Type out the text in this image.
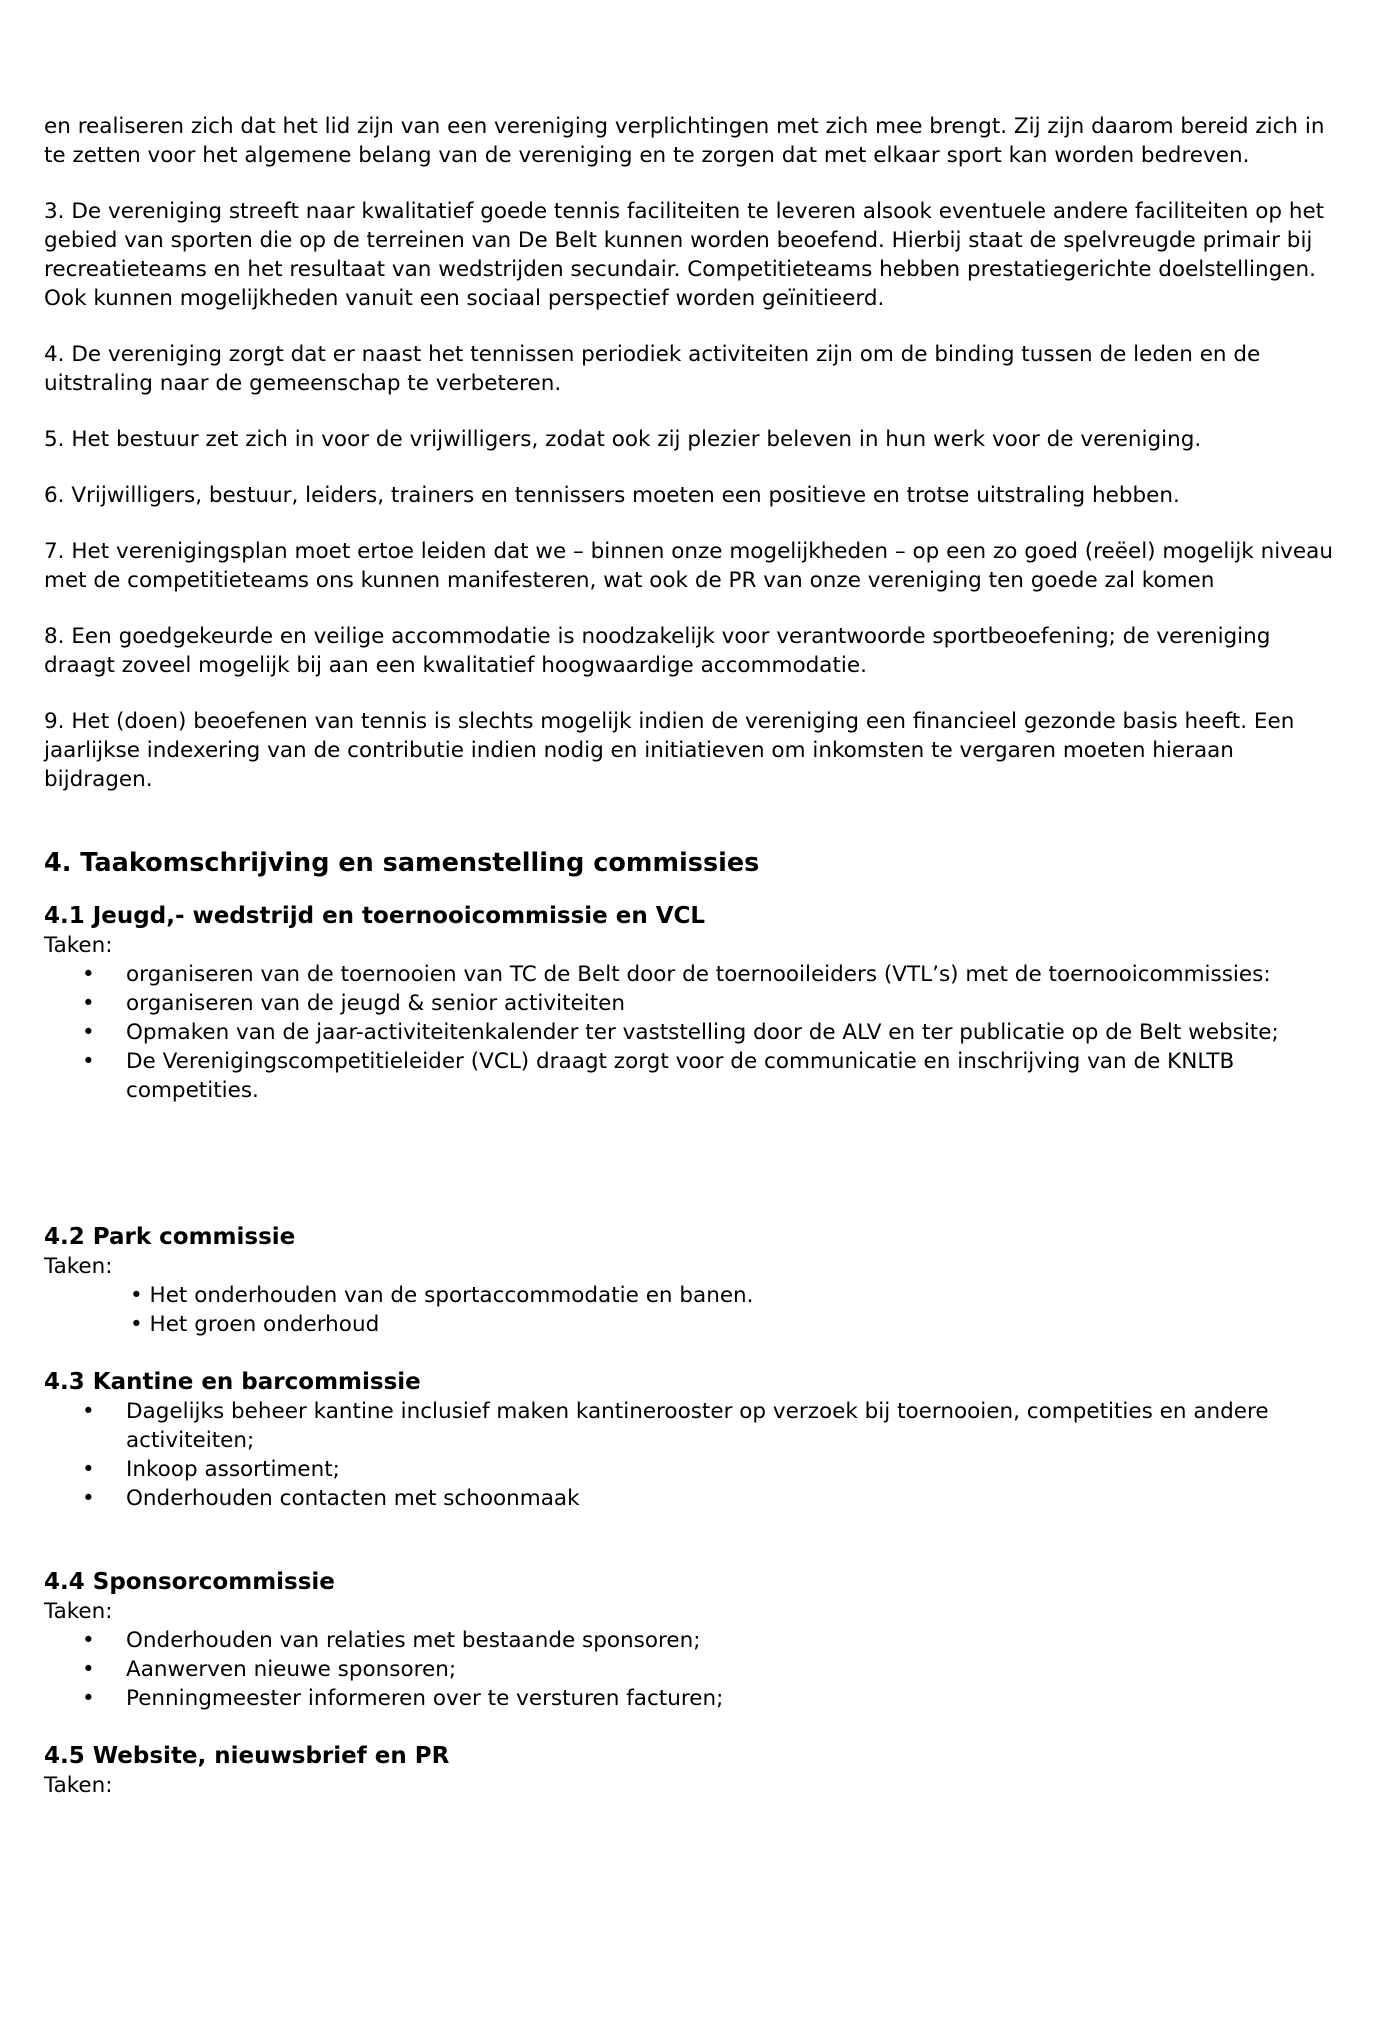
en realiseren zich dat het lid zijn van een vereniging verplichtingen met zich mee brengt. Zij zijn daarom bereid zich in te zetten voor het algemene belang van de vereniging en te zorgen dat met elkaar sport kan worden bedreven.

3. De vereniging streeft naar kwalitatief goede tennis faciliteiten te leveren alsook eventuele andere faciliteiten op het gebied van sporten die op de terreinen van De Belt kunnen worden beoefend. Hierbij staat de spelvreugde primair bij recreatieteams en het resultaat van wedstrijden secundair. Competitieteams hebben prestatiegerichte doelstellingen. Ook kunnen mogelijkheden vanuit een sociaal perspectief worden geïnitieerd.

4. De vereniging zorgt dat er naast het tennissen periodiek activiteiten zijn om de binding tussen de leden en de uitstraling naar de gemeenschap te verbeteren.

5. Het bestuur zet zich in voor de vrijwilligers, zodat ook zij plezier beleven in hun werk voor de vereniging.

6. Vrijwilligers, bestuur, leiders, trainers en tennissers moeten een positieve en trotse uitstraling hebben.

7. Het verenigingsplan moet ertoe leiden dat we – binnen onze mogelijkheden – op een zo goed (reëel) mogelijk niveau met de competitieteams ons kunnen manifesteren, wat ook de PR van onze vereniging ten goede zal komen

8. Een goedgekeurde en veilige accommodatie is noodzakelijk voor verantwoorde sportbeoefening; de vereniging draagt zoveel mogelijk bij aan een kwalitatief hoogwaardige accommodatie.

9. Het (doen) beoefenen van tennis is slechts mogelijk indien de vereniging een financieel gezonde basis heeft. Een jaarlijkse indexering van de contributie indien nodig en initiatieven om inkomsten te vergaren moeten hieraan bijdragen.

4. Taakomschrijving en samenstelling commissies
4.1 Jeugd,- wedstrijd en toernooicommissie en VCL
Taken:
• organiseren van de toernooien van TC de Belt door de toernooileiders (VTL’s) met de toernooicommissies:
• organiseren van de jeugd & senior activiteiten
• Opmaken van de jaar-activiteitenkalender ter vaststelling door de ALV en ter publicatie op de Belt website;
• De Verenigingscompetitieleider (VCL) draagt zorgt voor de communicatie en inschrijving van de KNLTB competities.
4.2 Park commissie
Taken:
• Het onderhouden van de sportaccommodatie en banen.
• Het groen onderhoud
4.3 Kantine en barcommissie
• Dagelijks beheer kantine inclusief maken kantinerooster op verzoek bij toernooien, competities en andere activiteiten;
• Inkoop assortiment;
• Onderhouden contacten met schoonmaak
4.4 Sponsorcommissie
Taken:
• Onderhouden van relaties met bestaande sponsoren;
• Aanwerven nieuwe sponsoren;
• Penningmeester informeren over te versturen facturen;
4.5 Website, nieuwsbrief en PR
Taken:
